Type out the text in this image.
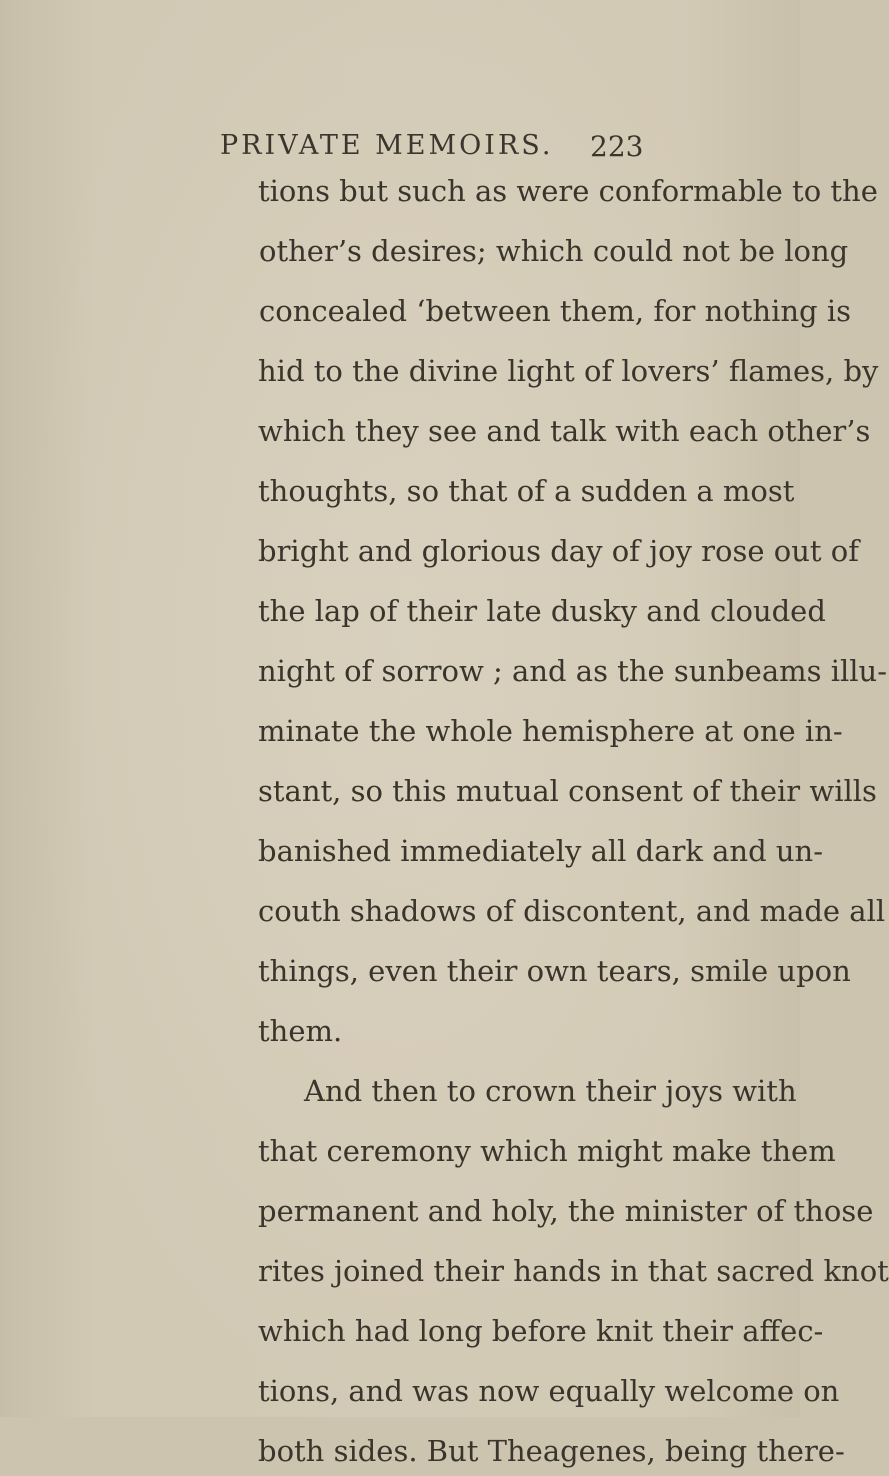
PRIVATE MEMOIRS. 223
tions but such as were conformable to the
other’s desires; which could not be long
concealed ‘between them, for nothing is
hid to the divine light of lovers’ flames, by
which they see and talk with each other’s
thoughts, so that of a sudden a most
bright and glorious day of joy rose out of
the lap of their late dusky and clouded
night of sorrow ; and as the sunbeams illu-
minate the whole hemisphere at one in-
stant, so this mutual consent of their wills
banished immediately all dark and un-
couth shadows of discontent, and made all
things, even their own tears, smile upon
them.
And then to crown their joys with
that ceremony which might make them
permanent and holy, the minister of those
rites joined their hands in that sacred knot
which had long before knit their affec-
tions, and was now equally welcome on
both sides. But Theagenes, being there-
